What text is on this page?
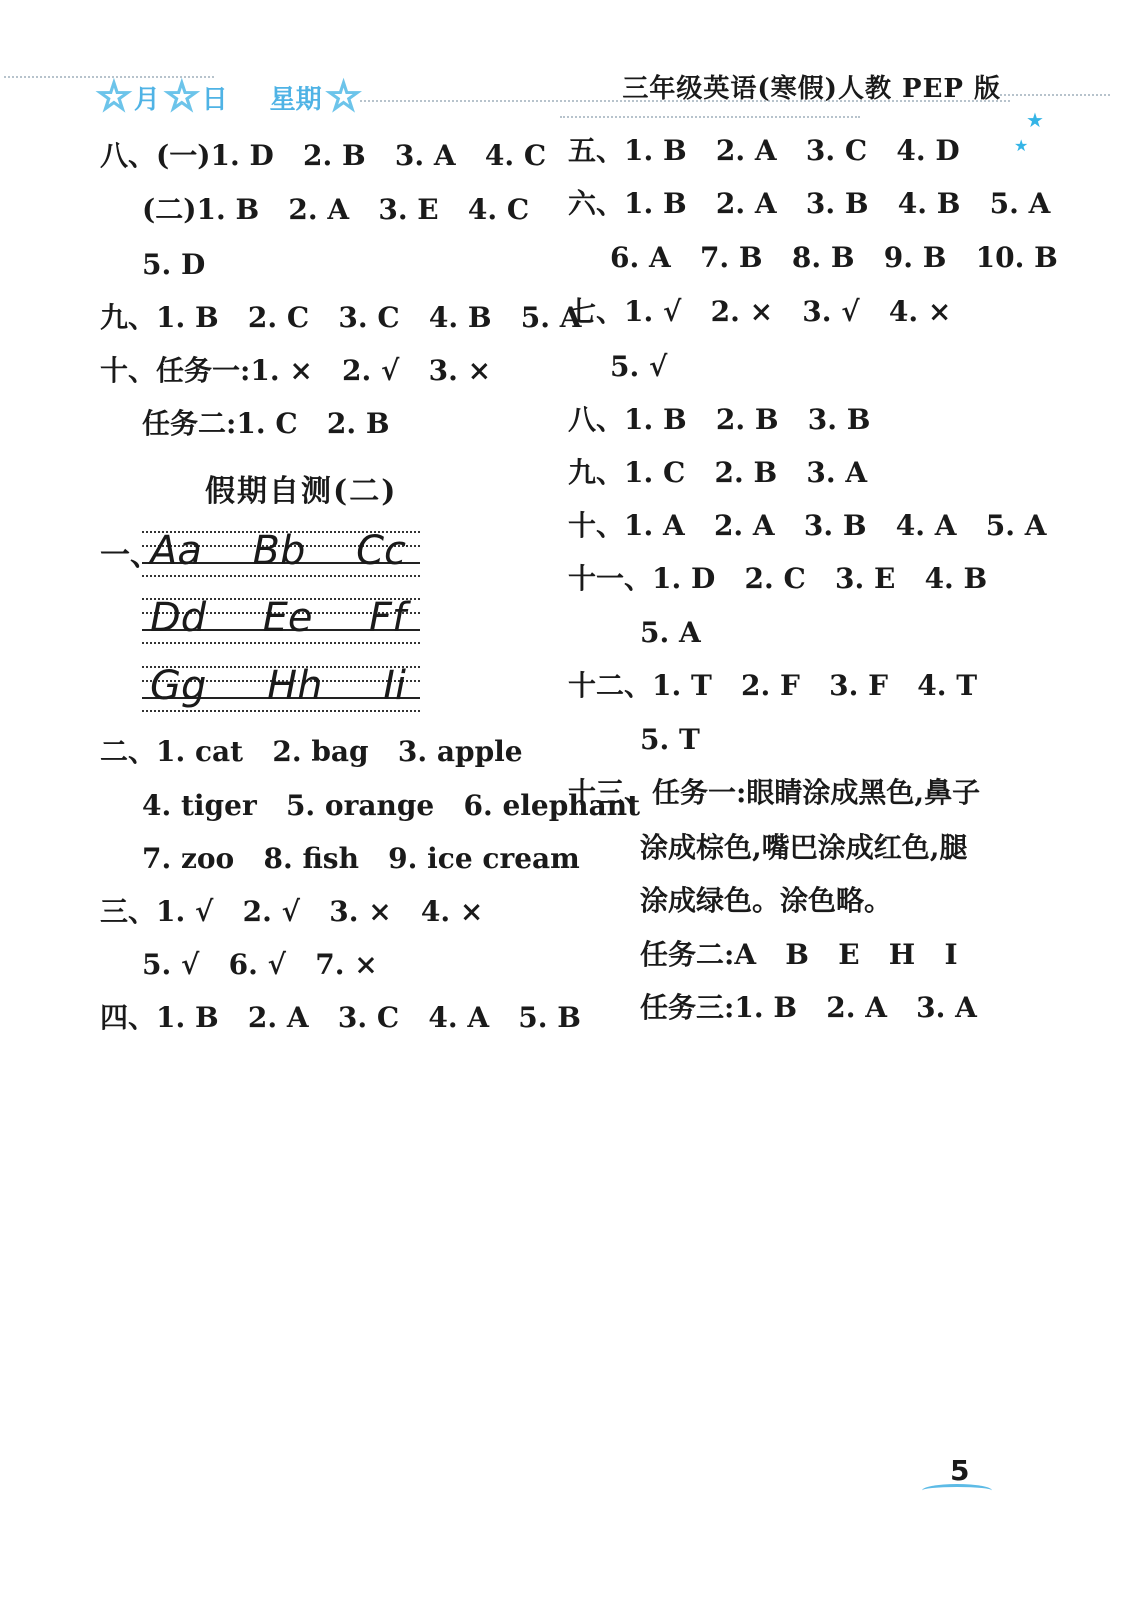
☆ 月 ☆ 日 星期 ☆	三年级英语(寒假)人教 PEP 版
★
★
八、(一)1. D   2. B   3. A   4. C
(二)1. B   2. A   3. E   4. C
5. D
九、1. B   2. C   3. C   4. B   5. A
十、任务一:1. ×   2. √   3. ×
任务二:1. C   2. B
假期自测(二)
一、
Aa Bb Cc
Dd Ee Ff
Gg Hh Ii
二、1. cat   2. bag   3. apple
4. tiger   5. orange   6. elephant
7. zoo   8. fish   9. ice cream
三、1. √   2. √   3. ×   4. ×
5. √   6. √   7. ×
四、1. B   2. A   3. C   4. A   5. B
五、1. B   2. A   3. C   4. D
六、1. B   2. A   3. B   4. B   5. A
6. A   7. B   8. B   9. B   10. B
七、1. √   2. ×   3. √   4. ×
5. √
八、1. B   2. B   3. B
九、1. C   2. B   3. A
十、1. A   2. A   3. B   4. A   5. A
十一、1. D   2. C   3. E   4. B
5. A
十二、1. T   2. F   3. F   4. T
5. T
十三、任务一:眼睛涂成黑色,鼻子
涂成棕色,嘴巴涂成红色,腿
涂成绿色。涂色略。
任务二:A   B   E   H   I
任务三:1. B   2. A   3. A
5
